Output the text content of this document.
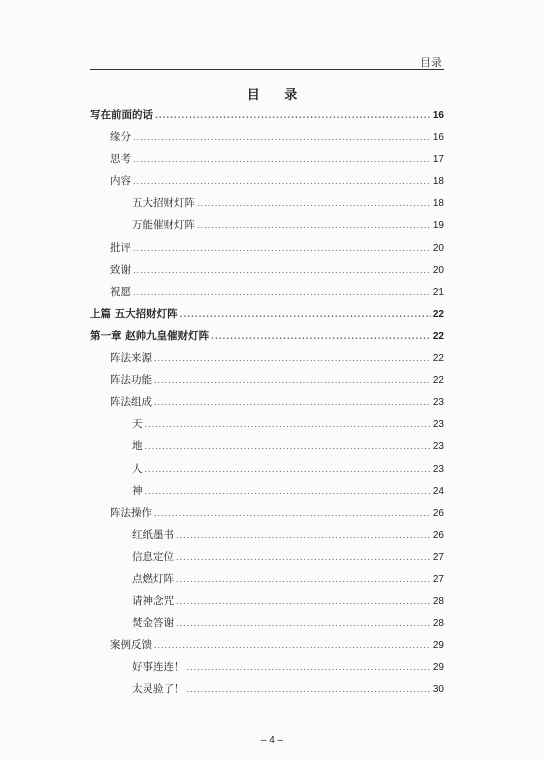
目录
目 录
写在前面的话 .....	16
缘分 .....	16
思考 .....	17
内容 .....	18
五大招财灯阵 .....	18
万能催财灯阵 .....	19
批评 .....	20
致谢 .....	20
祝愿 .....	21
上篇 五大招财灯阵 .....	22
第一章 赵帅九皇催财灯阵 .....	22
阵法来源 .....	22
阵法功能 .....	22
阵法组成 .....	23
天 .....	23
地 .....	23
人 .....	23
神 .....	24
阵法操作 .....	26
红纸墨书 .....	26
信息定位 .....	27
点燃灯阵 .....	27
请神念咒 .....	28
焚金答谢 .....	28
案例反馈 .....	29
好事连连！ .....	29
太灵验了！ .....	30
– 4 –
